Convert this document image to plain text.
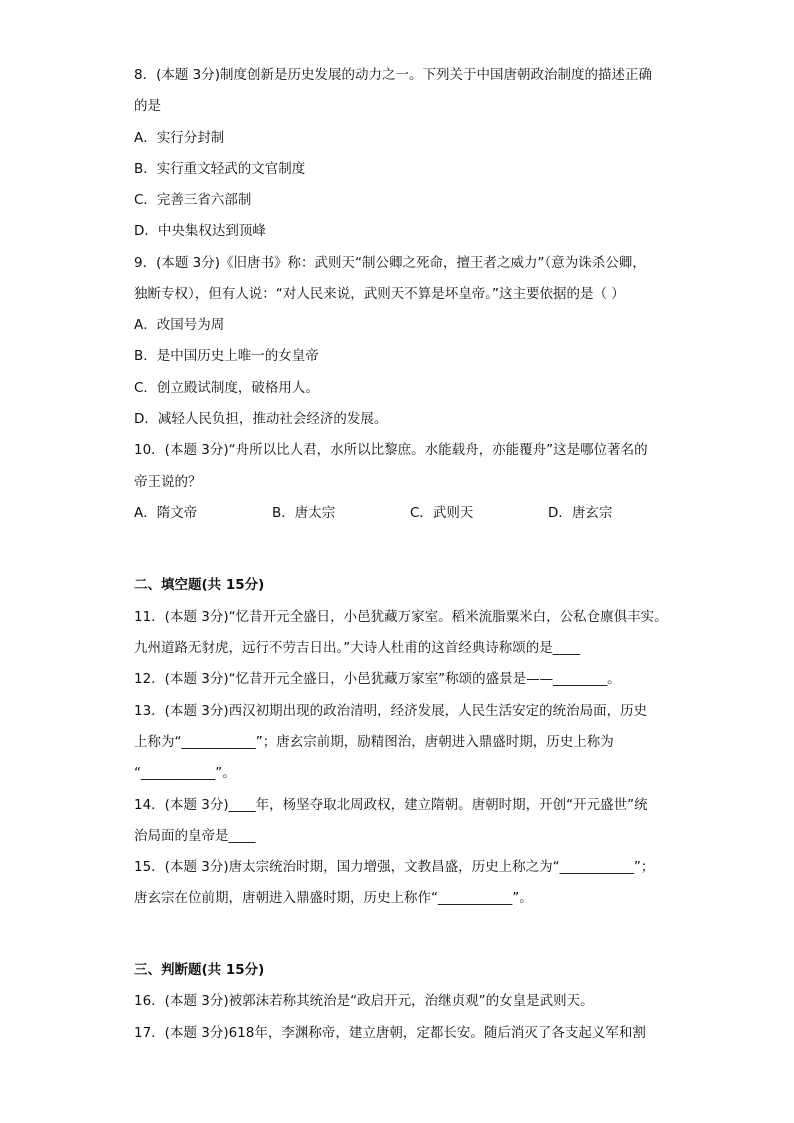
8．(本题 3分)制度创新是历史发展的动力之一。下列关于中国唐朝政治制度的描述正确
的是
A．实行分封制
B．实行重文轻武的文官制度
C．完善三省六部制
D．中央集权达到顶峰
9．(本题 3分)《旧唐书》称：武则天“制公卿之死命，擅王者之威力”（意为诛杀公卿，
独断专权），但有人说：“对人民来说，武则天不算是坏皇帝。”这主要依据的是（ ）
A．改国号为周
B．是中国历史上唯一的女皇帝
C．创立殿试制度，破格用人。
D．减轻人民负担，推动社会经济的发展。
10．(本题 3分)“舟所以比人君，水所以比黎庶。水能载舟，亦能覆舟”这是哪位著名的
帝王说的？
A．隋文帝	B．唐太宗	C．武则天	D．唐玄宗
二、填空题(共 15分)
11．(本题 3分)“忆昔开元全盛日，小邑犹藏万家室。稻米流脂粟米白，公私仓廪俱丰实。
九州道路无豺虎，远行不劳吉日出。”大诗人杜甫的这首经典诗称颂的是____
12．(本题 3分)“忆昔开元全盛日，小邑犹藏万家室”称颂的盛景是——________。
13．(本题 3分)西汉初期出现的政治清明，经济发展，人民生活安定的统治局面，历史
上称为“___________”；唐玄宗前期，励精图治，唐朝进入鼎盛时期，历史上称为
“___________”。
14．(本题 3分)____年，杨坚夺取北周政权，建立隋朝。唐朝时期，开创“开元盛世”统
治局面的皇帝是____
15．(本题 3分)唐太宗统治时期，国力增强，文教昌盛，历史上称之为“___________”；
唐玄宗在位前期，唐朝进入鼎盛时期，历史上称作“___________”。
三、判断题(共 15分)
16．(本题 3分)被郭沫若称其统治是“政启开元，治继贞观”的女皇是武则天。
17．(本题 3分)618年，李渊称帝，建立唐朝，定都长安。随后消灭了各支起义军和割
